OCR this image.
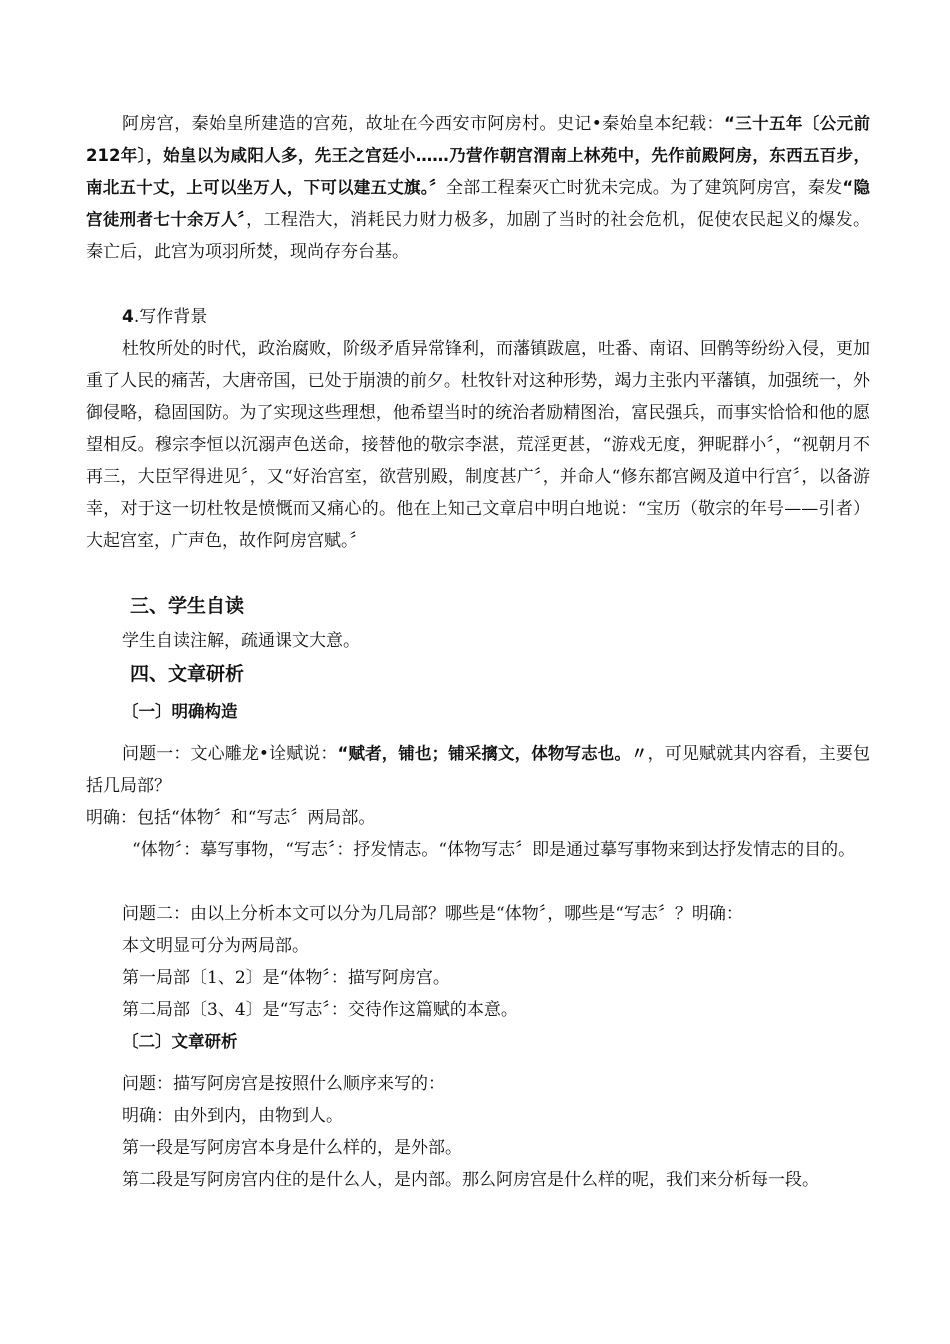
阿房宫，秦始皇所建造的宫苑，故址在今西安市阿房村。史记•秦始皇本纪载：“三十五年〔公元前212年〕，始皇以为咸阳人多，先王之宫廷小……乃营作朝宫渭南上林苑中，先作前殿阿房，东西五百步，南北五十丈，上可以坐万人，下可以建五丈旗。〞全部工程秦灭亡时犹未完成。为了建筑阿房宫，秦发“隐宫徒刑者七十余万人〞，工程浩大，消耗民力财力极多，加剧了当时的社会危机，促使农民起义的爆发。秦亡后，此宫为项羽所焚，现尚存夯台基。

4.写作背景

杜牧所处的时代，政治腐败，阶级矛盾异常锋利，而藩镇跋扈，吐番、南诏、回鹘等纷纷入侵，更加重了人民的痛苦，大唐帝国，已处于崩溃的前夕。杜牧针对这种形势，竭力主张内平藩镇，加强统一，外御侵略，稳固国防。为了实现这些理想，他希望当时的统治者励精图治，富民强兵，而事实恰恰和他的愿望相反。穆宗李恒以沉溺声色送命，接替他的敬宗李湛，荒淫更甚，“游戏无度，狎昵群小〞，“视朝月不再三，大臣罕得进见〞，又“好治宫室，欲营别殿，制度甚广〞，并命人“修东都宫阙及道中行宫〞，以备游幸，对于这一切杜牧是愤慨而又痛心的。他在上知己文章启中明白地说：“宝历（敬宗的年号——引者）大起宫室，广声色，故作阿房宫赋。〞

三、学生自读

学生自读注解，疏通课文大意。

四、文章研析

〔一〕明确构造

问题一：文心雕龙•诠赋说：“赋者，铺也；铺采摛文，体物写志也。〃，可见赋就其内容看，主要包括几局部？

明确：包括“体物〞和“写志〞两局部。

“体物〞：摹写事物，“写志〞：抒发情志。“体物写志〞即是通过摹写事物来到达抒发情志的目的。

问题二：由以上分析本文可以分为几局部？哪些是“体物〞，哪些是“写志〞？明确：

本文明显可分为两局部。

第一局部〔1、2〕是“体物〞：描写阿房宫。

第二局部〔3、4〕是“写志〞：交待作这篇赋的本意。

〔二〕文章研析

问题：描写阿房宫是按照什么顺序来写的：

明确：由外到内，由物到人。

第一段是写阿房宫本身是什么样的，是外部。

第二段是写阿房宫内住的是什么人，是内部。那么阿房宫是什么样的呢，我们来分析每一段。
